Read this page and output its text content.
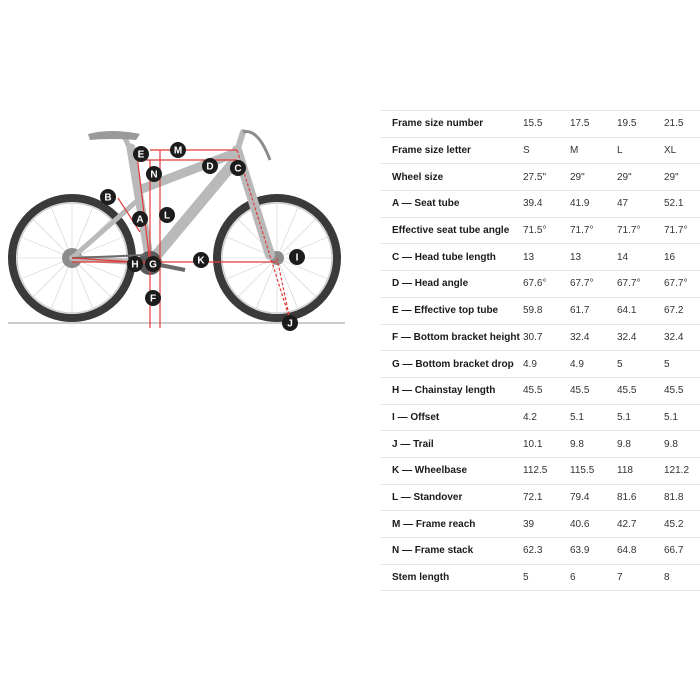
A
B
C
D
E
F
G
H
I
J
K
L
M
N
Frame size number	15.5	17.5	19.5	21.5
Frame size letter	S	M	L	XL
Wheel size	27.5"	29"	29"	29"
A — Seat tube	39.4	41.9	47	52.1
Effective seat tube angle	71.5°	71.7°	71.7°	71.7°
C — Head tube length	13	13	14	16
D — Head angle	67.6°	67.7°	67.7°	67.7°
E — Effective top tube	59.8	61.7	64.1	67.2
F — Bottom bracket height	30.7	32.4	32.4	32.4
G — Bottom bracket drop	4.9	4.9	5	5
H — Chainstay length	45.5	45.5	45.5	45.5
I — Offset	4.2	5.1	5.1	5.1
J — Trail	10.1	9.8	9.8	9.8
K — Wheelbase	112.5	115.5	118	121.2
L — Standover	72.1	79.4	81.6	81.8
M — Frame reach	39	40.6	42.7	45.2
N — Frame stack	62.3	63.9	64.8	66.7
Stem length	5	6	7	8
